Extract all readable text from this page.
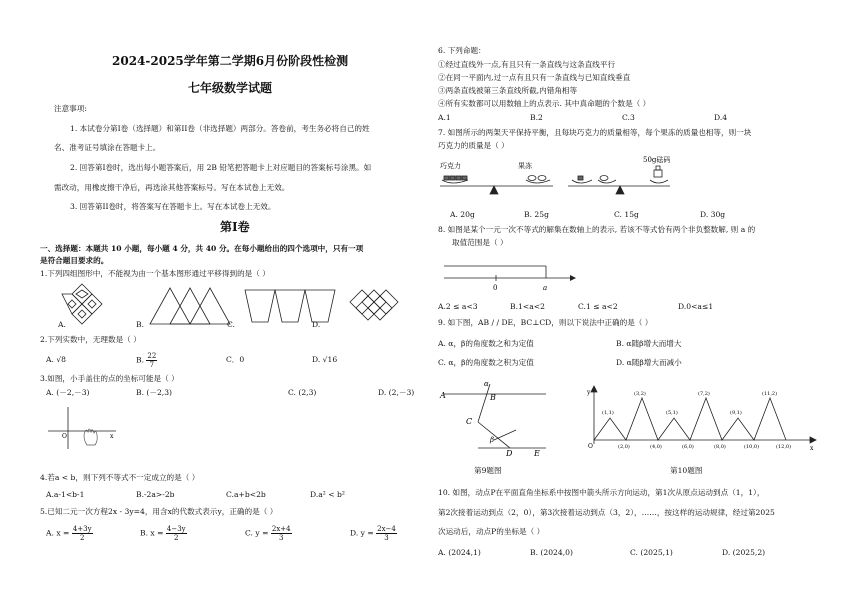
2024-2025学年第二学期6月份阶段性检测
七年级数学试题
注意事项:
1. 本试卷分第I卷（选择题）和第II卷（非选择题）两部分。答卷前，考生务必将自己的姓
名、准考证号填涂在答题卡上。
2. 回答第I卷时，选出每小题答案后，用 2B 铅笔把答题卡上对应题目的答案标号涂黑。如
需改动，用橡皮擦干净后，再选涂其他答案标号。写在本试卷上无效。
3. 回答第II卷时，将答案写在答题卡上。写在本试卷上无效。
第I卷
一、选择题：本题共 10 小题，每小题 4 分，共 40 分。在每小题给出的四个选项中，只有一项
是符合题目要求的。
1.下列四组图形中，不能视为由一个基本图形通过平移得到的是（ ）
A.	B.	C.	D.
2.下列实数中，无理数是（ ）
A. √8	B. $\frac{22}{7}$	C．0	D. √16
3.如图，小手盖住的点的坐标可能是（ ）
A. (－2,－3)	B. (－2,3)	C. (2,3)	D. (2,－3)
O	x
4.若a < b，则下列不等式不一定成立的是（ ）
A.a-1<b-1	B.-2a>-2b	C.a+b<2b	D.a² < b²
5.已知二元一次方程2x - 3y=4，用含x的代数式表示y，正确的是（ ）
A. $x = \frac{4+3y}{2}$	B. $x = \frac{4-3y}{2}$	C. $y = \frac{2x+4}{3}$	D. $y = \frac{2x-4}{3}$
6. 下列命题：
①经过直线外一点,有且只有一条直线与这条直线平行
②在同一平面内,过一点有且只有一条直线与已知直线垂直
③两条直线被第三条直线所截,内错角相等
④所有实数都可以用数轴上的点表示. 其中真命题的个数是（ ）
A.1	B.2	C.3	D.4
7. 如图所示的两架天平保持平衡，且每块巧克力的质量相等，每个果冻的质量也相等，则一块
巧克力的质量是（ ）
巧克力	果冻
50g砝码
A. 20g	B. 25g	C. 15g	D. 30g
8. 如图是某个一元一次不等式的解集在数轴上的表示, 若该不等式恰有两个非负整数解, 则 a 的
取值范围是（ ）
0	a
A.2 ≤ a<3	B.1<a<2	C.1 ≤ a<2	D.0<a≤1
9. 如下图，AB / / DE，BC⊥CD，则以下说法中正确的是（ ）
A. α，β的角度数之和为定值	B. α随β增大而增大
C. α，β的角度数之积为定值	D. α随β增大而减小
A	B
C
D	E
α
β
第9题图
O	x
y
(1,1)
(3,2)
(5,1)
(7,2)
(9,1)
(11,2)
(2,0)	(4,0)	(6,0)	(8,0)	(10,0)	(12,0)
第10题图
10. 如图，动点P在平面直角坐标系中按图中箭头所示方向运动，第1次从原点运动到点（1，1），
第2次接着运动到点（2，0），第3次接着运动到点（3，2），……，按这样的运动规律，经过第2025
次运动后，动点P的坐标是（ ）
A. (2024,1)	B. (2024,0)	C. (2025,1)	D. (2025,2)
